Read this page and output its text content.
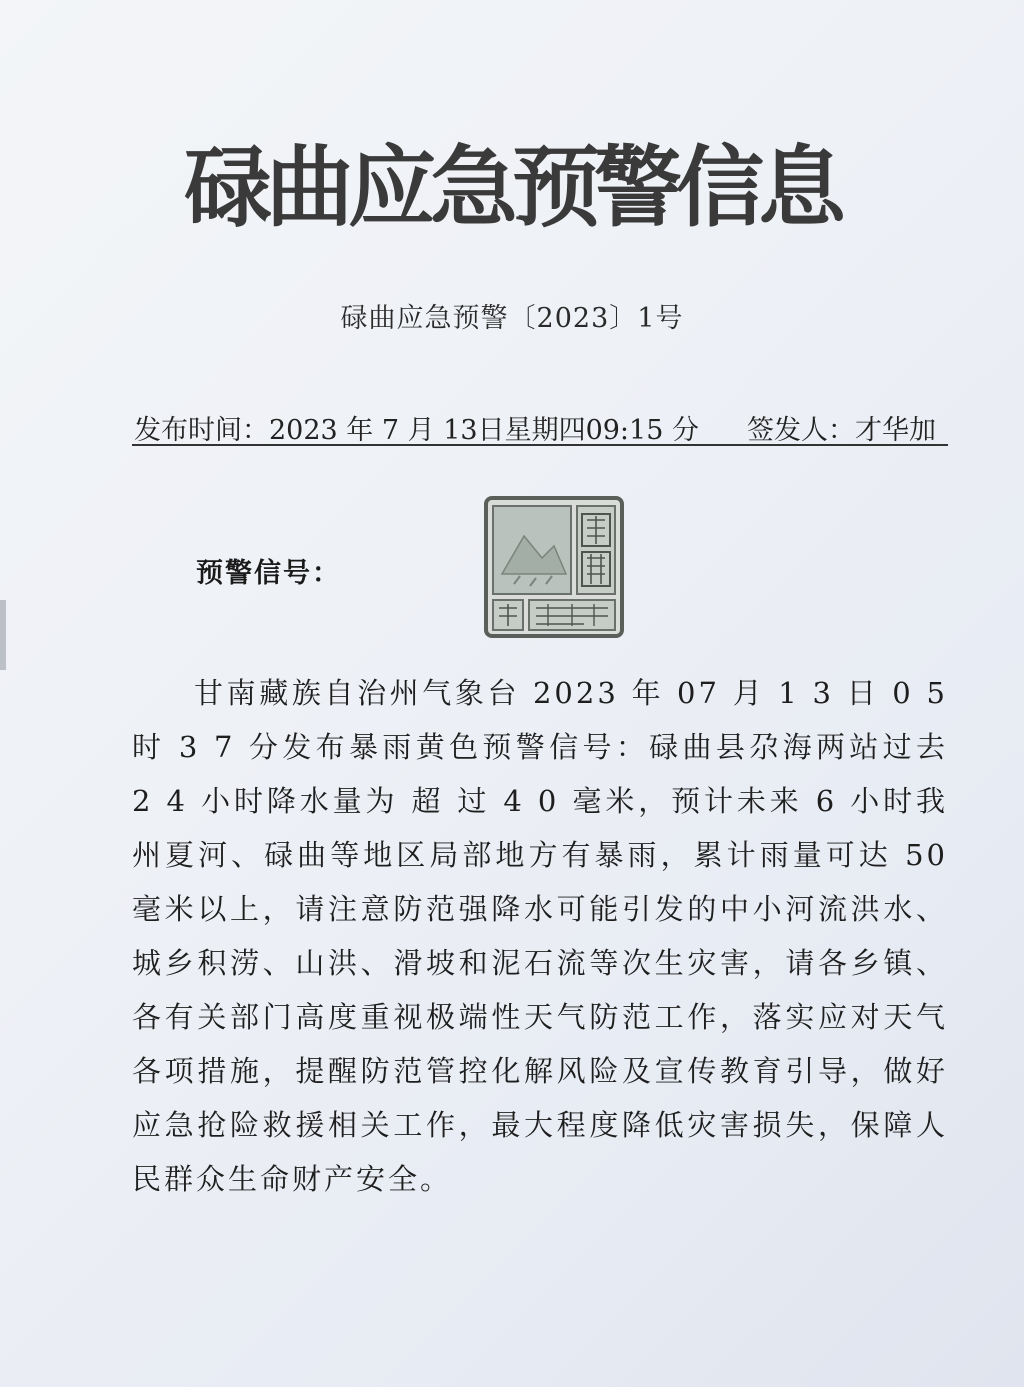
碌曲应急预警信息
碌曲应急预警〔2023〕1号
发布时间：2023 年 7 月 13日星期四09:15 分 签发人：才华加
预警信号：
甘南藏族自治州气象台 2023 年 07 月 1 3 日 0 5 时 3 7 分发布暴雨黄色预警信号：碌曲县尕海两站过去 2 4 小时降水量为 超 过 4 0 毫米，预计未来 6 小时我州夏河、碌曲等地区局部地方有暴雨，累计雨量可达 50 毫米以上，请注意防范强降水可能引发的中小河流洪水、城乡积涝、山洪、滑坡和泥石流等次生灾害，请各乡镇、各有关部门高度重视极端性天气防范工作，落实应对天气各项措施，提醒防范管控化解风险及宣传教育引导，做好应急抢险救援相关工作，最大程度降低灾害损失，保障人民群众生命财产安全。
